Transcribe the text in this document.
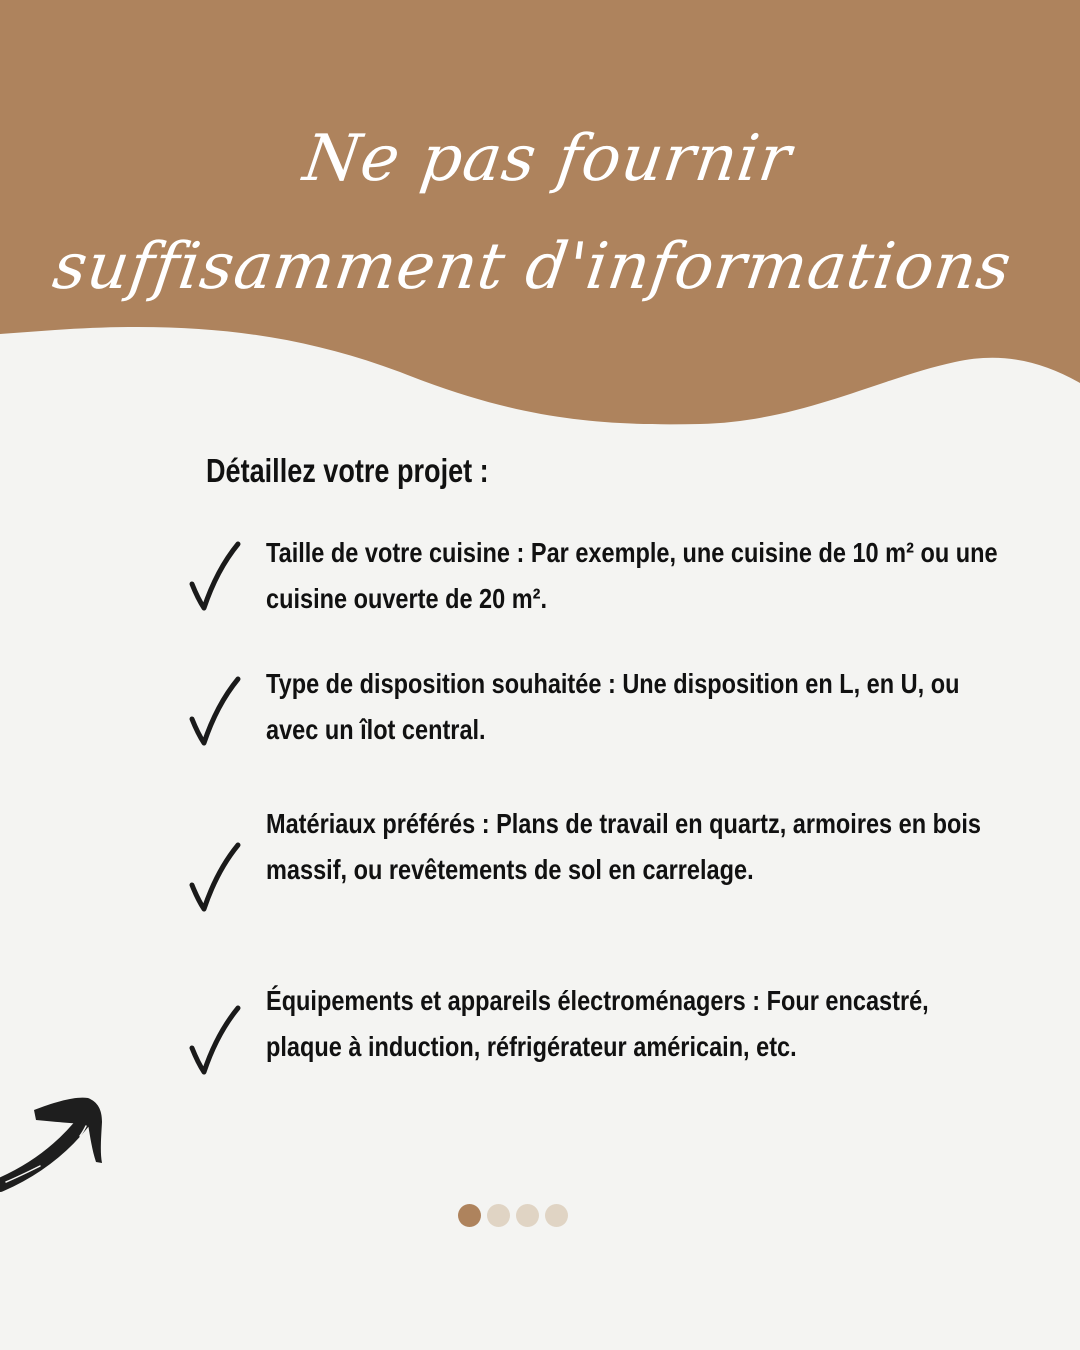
Ne pas fournir
suffisamment d'informations
Détaillez votre projet :
Taille de votre cuisine : Par exemple, une cuisine de 10 m² ou une cuisine ouverte de 20 m².
Type de disposition souhaitée : Une disposition en L, en U, ou avec un îlot central.
Matériaux préférés : Plans de travail en quartz, armoires en bois massif, ou revêtements de sol en carrelage.
Équipements et appareils électroménagers : Four encastré, plaque à induction, réfrigérateur américain, etc.
